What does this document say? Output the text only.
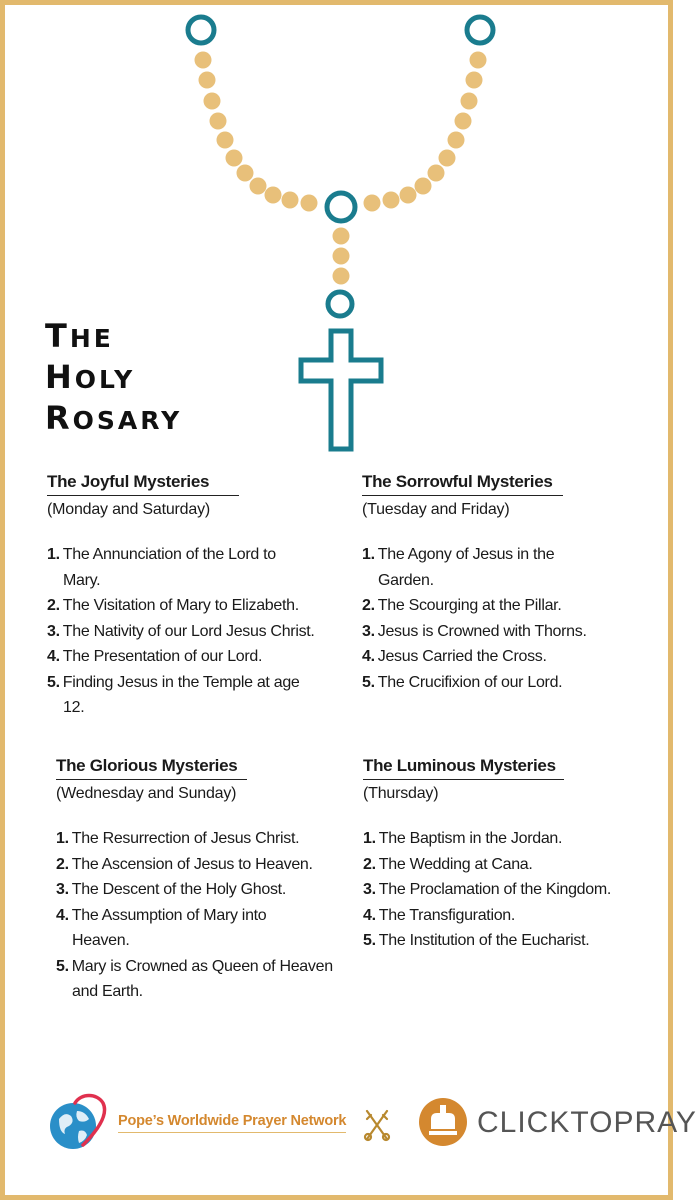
THE
HOLY
ROSARY
The Joyful Mysteries
(Monday and Saturday)
1. The Annunciation of the Lord to Mary.
2. The Visitation of Mary to Elizabeth.
3. The Nativity of our Lord Jesus Christ.
4. The Presentation of our Lord.
5. Finding Jesus in the Temple at age 12.
The Sorrowful Mysteries
(Tuesday and Friday)
1. The Agony of Jesus in the Garden.
2. The Scourging at the Pillar.
3. Jesus is Crowned with Thorns.
4. Jesus Carried the Cross.
5. The Crucifixion of our Lord.
The Glorious Mysteries
(Wednesday and Sunday)
1. The Resurrection of Jesus Christ.
2. The Ascension of Jesus to Heaven.
3. The Descent of the Holy Ghost.
4. The Assumption of Mary into Heaven.
5. Mary is Crowned as Queen of Heaven and Earth.
The Luminous Mysteries
(Thursday)
1. The Baptism in the Jordan.
2. The Wedding at Cana.
3. The Proclamation of the Kingdom.
4. The Transfiguration.
5. The Institution of the Eucharist.
Pope’s Worldwide Prayer Network	CLICKTOPRAY
